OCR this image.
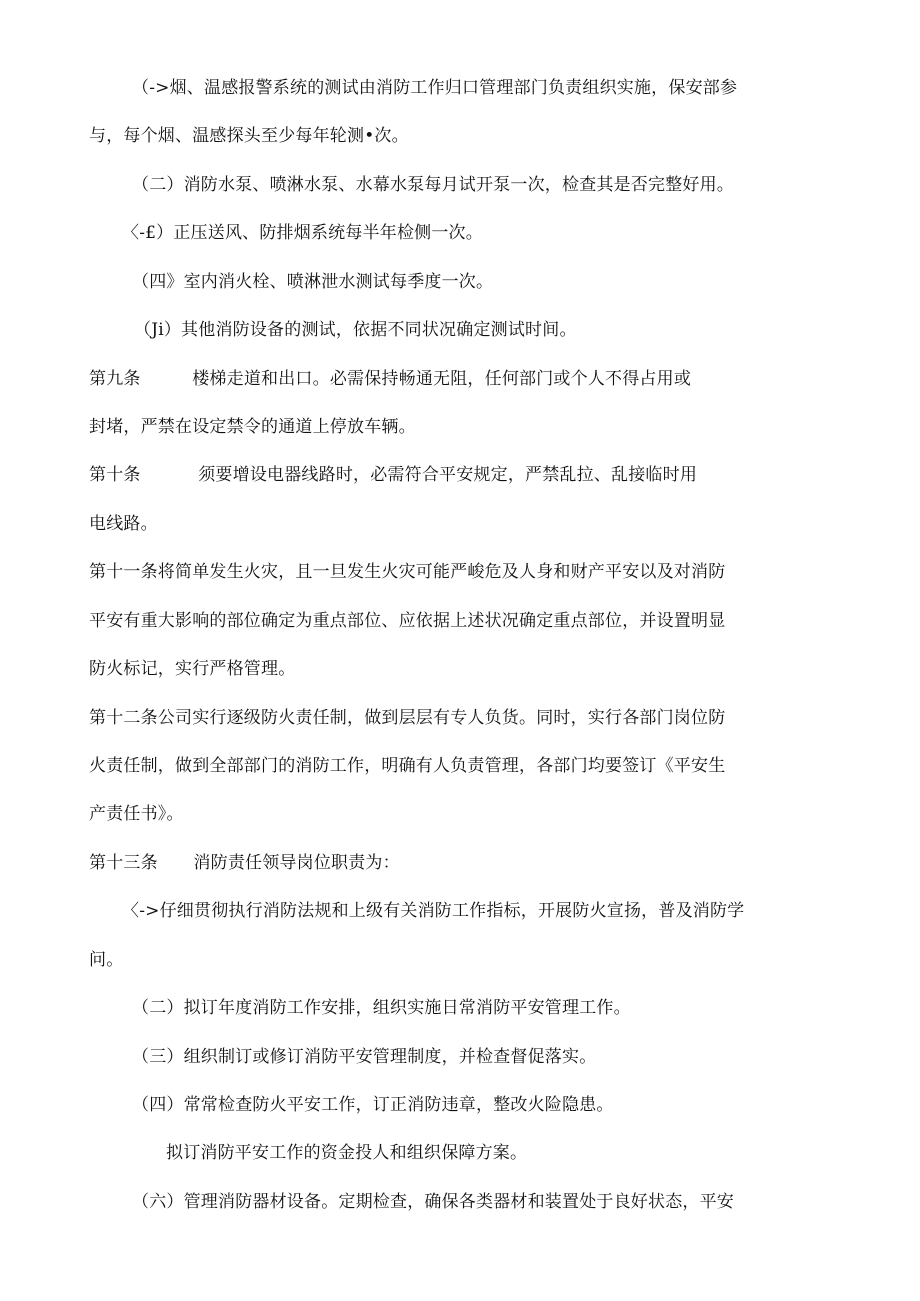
（->烟、温感报警系统的测试由消防工作归口管理部门负责组织实施，保安部参
与，每个烟、温感探头至少每年轮测•次。
（二）消防水泵、喷淋水泵、水幕水泵每月试开泵一次，检查其是否完整好用。
〈-£）正压送风、防排烟系统每半年检侧一次。
（四》室内消火栓、喷淋泄水测试每季度一次。
（Ji）其他消防设备的测试，依据不同状况确定测试时间。
第九条	楼梯走道和出口。必需保持畅通无阻，任何部门或个人不得占用或
封堵，严禁在设定禁令的通道上停放车辆。
第十条	须要增设电器线路时，必需符合平安规定，严禁乱拉、乱接临时用
电线路。
第十一条将简单发生火灾，且一旦发生火灾可能严峻危及人身和财产平安以及对消防
平安有重大影响的部位确定为重点部位、应依据上述状况确定重点部位，并设置明显
防火标记，实行严格管理。
第十二条公司实行逐级防火责任制，做到层层有专人负货。同时，实行各部门岗位防
火责任制，做到全部部门的消防工作，明确有人负责管理，各部门均要签订《平安生
产责任书》。
第十三条 消防责任领导岗位职责为：
〈->仔细贯彻执行消防法规和上级有关消防工作指标，开展防火宣扬，普及消防学
问。
（二）拟订年度消防工作安排，组织实施日常消防平安管理工作。
（三）组织制订或修订消防平安管理制度，并检查督促落实。
（四）常常检查防火平安工作，订正消防违章，整改火险隐患。
拟订消防平安工作的资金投人和组织保障方案。
（六）管理消防器材设备。定期检查，确保各类器材和装置处于良好状态，平安
